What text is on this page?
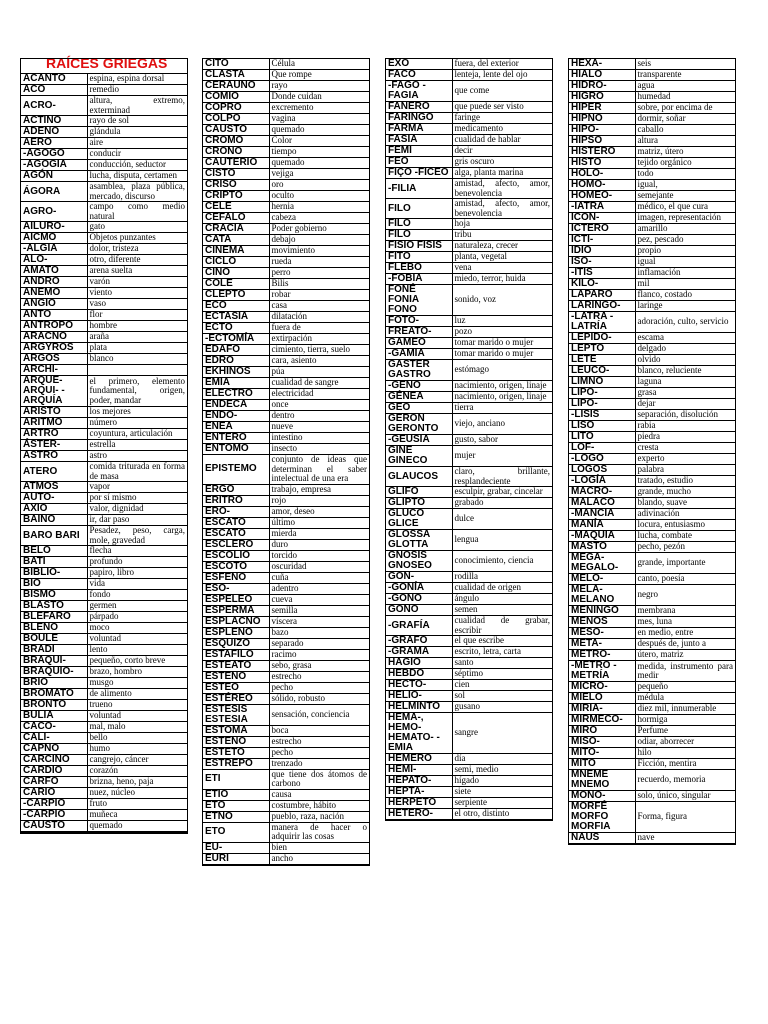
RAÍCES GRIEGAS

ACANTO	espina, espina dorsal
ACO	remedio
ACRO-	altura, extremo, exterminad
ACTINO	rayo de sol
ADENO	glándula
AERO	aire
-AGOGO	conducir
-AGOGIA	conducción, seductor
AGÓN	lucha, disputa, certamen
ÁGORA	asamblea, plaza pública, mercado, discurso
AGRO-	campo como medio natural
AILURO-	gato
AICMO	Objetos punzantes
-ALGIA	dolor, tristeza
ALO-	otro, diferente
AMATO	arena suelta
ANDRO	varón
ANEMO	viento
ANGIO	vaso
ANTO	flor
ANTROPO	hombre
ARACNO	araña
ARGYROS	plata
ARGOS	blanco
ARCHI-	
ARQUE- ARQUI- -ARQUÍA	el primero, elemento fundamental, origen, poder, mandar
ARISTO	los mejores
ARITMO	número
ARTRO	coyuntura, articulación
ÁSTER-	estrella
ASTRO	astro
ATERO	comida triturada en forma de masa
ATMOS	vapor
AUTO-	por sí mismo
AXIO	valor, dignidad
BAINO	ir, dar paso
BARO BARI	Pesadez, peso, carga, mole, gravedad
BELO	flecha
BATI	profundo
BIBLIO-	papiro, libro
BIO	vida
BISMO	fondo
BLASTO	germen
BLEFARO	párpado
BLENO	moco
BOULE	voluntad
BRADI	lento
BRAQUI-	pequeño, corto breve
BRAQUIO-	brazo, hombro
BRIO	musgo
BROMATO	de alimento
BRONTO	trueno
BULIA	voluntad
CACO-	mal, malo
CALI-	bello
CAPNO	humo
CARCINO	cangrejo, cáncer
CARDIO	corazón
CARFO	brizna, heno, paja
CARIO	nuez, núcleo
-CARPIO	fruto
-CARPIO	muñeca
CAUSTO	quemado

CITO	Célula
CLASTA	Que rompe
CERAUNO	rayo
COMIO	Donde cuidan
COPRO	excremento
COLPO	vagina
CAUSTO	quemado
CROMO	Color
CRONO	tiempo
CAUTERIO	quemado
CISTO	vejiga
CRISO	oro
CRIPTO	oculto
CELE	hernia
CEFALO	cabeza
CRACIA	Poder gobierno
CATA	debajo
CINEMA	movimiento
CICLO	rueda
CINO	perro
COLE	Bilis
CLEPTO	robar
ECO	casa
ECTASIA	dilatación
ECTO	fuera de
-ECTOMÍA	extirpación
EDAFO	cimiento, tierra, suelo
EDRO	cara, asiento
EKHINOS	púa
EMIA	cualidad de sangre
ELECTRO	electricidad
ENDECA	once
ENDO-	dentro
ENEA	nueve
ENTERO	intestino
ENTOMO	insecto
EPISTEMO	conjunto de ideas que determinan el saber intelectual de una era
ERGO	trabajo, empresa
ERITRO	rojo
ERO-	amor, deseo
ESCATO	último
ESCATO	mierda
ESCLERO	duro
ESCOLIO	torcido
ESCOTO	oscuridad
ESFENO	cuña
ESO-	adentro
ESPELEO	cueva
ESPERMA	semilla
ESPLACNO	víscera
ESPLENO	bazo
ESQUIZO	separado
ESTAFILO	racimo
ESTEATO	sebo, grasa
ESTENO	estrecho
ESTEO	pecho
ESTÉREO	sólido, robusto
ESTESIS ESTESIA	sensación, conciencia
ESTOMA	boca
ESTENO	estrecho
ESTETO	pecho
ESTREPO	trenzado
ETI	que tiene dos átomos de carbono
ETIO	causa
ETO	costumbre, hábito
ETNO	pueblo, raza, nación
ETO	manera de hacer o adquirir las cosas
EU-	bien
EURI	ancho
EXO	fuera, del exterior
FACO	lenteja, lente del ojo
-FAGO -FAGIA	que come
FANERO	que puede ser visto
FARINGO	faringe
FARMA	medicamento
FASIA	cualidad de hablar
FEMI	decir
FEO	gris oscuro
FIÇO -FICEO	alga, planta marina
-FILIA	amistad, afecto, amor, benevolencia
FILO	amistad, afecto, amor, benevolencia
FILO	hoja
FILO	tribu
FISIO FISIS	naturaleza, crecer
FITO	planta, vegetal
FLEBO	vena
-FOBIA	miedo, terror, huida
FONÉ FONIA FONO	sonido, voz
FOTO-	luz
FREATO-	pozo
GAMEO	tomar marido o mujer
-GAMIA	tomar marido o mujer
GASTER GASTRO	estómago
-GENO	nacimiento, origen, linaje
GÉNEA	nacimiento, origen, linaje
GEO	tierra
GERON GERONTO	viejo, anciano
-GEUSIA	gusto, sabor
GINE GINECO	mujer
GLAUCOS	claro, brillante, resplandeciente
GLIFO	esculpir, grabar, cincelar
GLIPTO	grabado
GLUCO GLICE	dulce
GLOSSA GLOTTA	lengua
GNOSIS GNOSEO	conocimiento, ciencia
GON-	rodilla
-GONÍA	cualidad de origen
-GONO	ángulo
GONO	semen
-GRAFÍA	cualidad de grabar, escribir
-GRAFO	el que escribe
-GRAMA	escrito, letra, carta
HAGIO	santo
HEBDO	séptimo
HECTO-	cien
HELIO-	sol
HELMINTO	gusano
HEMA-, HEMO- HEMATO- -EMIA	sangre
HEMERO	día
HEMI-	semi, medio
HEPATO-	hígado
HEPTA-	siete
HERPETO	serpiente
HETERO-	el otro, distinto
HEXA-	seis
HIALO	transparente
HIDRO-	agua
HIGRO	humedad
HIPER	sobre, por encima de
HIPNO	dormir, soñar
HIPO-	caballo
HIPSO	altura
HISTERO	matriz, útero
HISTO	tejido orgánico
HOLO-	todo
HOMO-	igual,
HOMEO-	semejante
-IATRA	médico, el que cura
ICON-	imagen, representación
ICTERO	amarillo
ICTI-	pez, pescado
IDIO	propio
ISO-	igual
-ITIS	inflamación
KILO-	mil
LAPARO	flanco, costado
LARINGO-	laringe
-LATRA -LATRÍA	adoración, culto, servicio
LEPIDO-	escama
LEPTO	delgado
LETE	olvido
LEUCO-	blanco, reluciente
LIMNO	laguna
LIPO-	grasa
LIPO-	dejar
-LISIS	separación, disolución
LISO	rabia
LITO	piedra
LOF-	cresta
-LOGO	experto
LOGOS	palabra
-LOGÍA	tratado, estudio
MACRO-	grande, mucho
MALACO	blando, suave
-MANCIA	adivinación
MANÍA	locura, entusiasmo
-MAQUIA	lucha, combate
MASTO	pecho, pezón
MEGA- MEGALO-	grande, importante
MELO-	canto, poesía
MELA- MELANO	negro
MENINGO	membrana
MENOS	mes, luna
MESO-	en medio, entre
META-	después de, junto a
METRO-	útero, matriz
-METRO -METRÍA	medida, instrumento para medir
MICRO-	pequeño
MIELO	médula
MIRIA-	diez mil, innumerable
MIRMECO-	hormiga
MIRO	Perfume
MISO-	odiar, aborrecer
MITO-	hilo
MITO	Ficción, mentira
MNEME MNEMO	recuerdo, memoria
MONO-	solo, único, singular
MORFÉ MORFO MORFIA	Forma, figura
NAUS	nave
